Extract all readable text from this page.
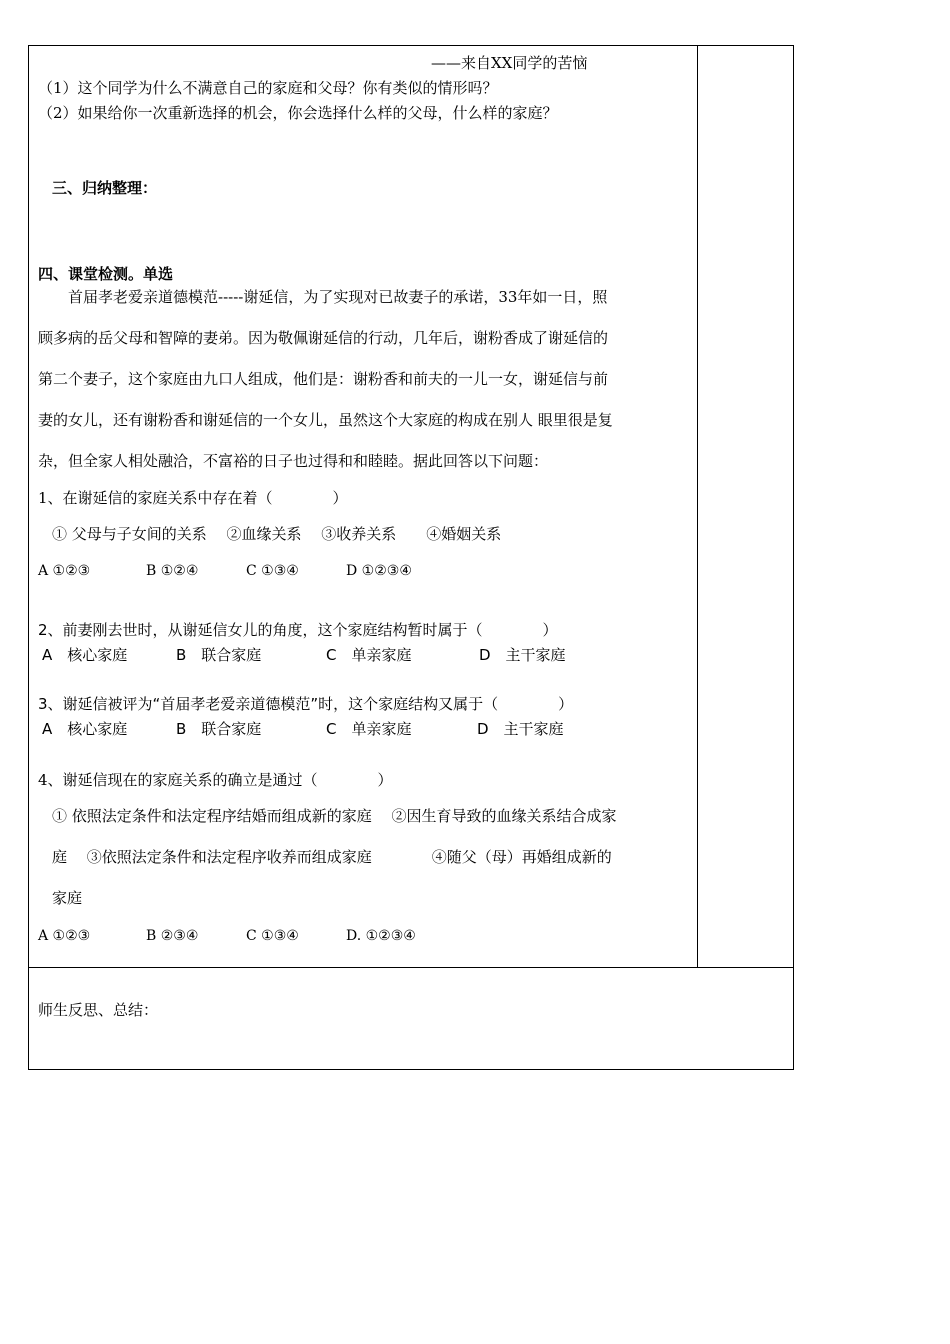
——来自XX同学的苦恼
（1）这个同学为什么不满意自己的家庭和父母？你有类似的情形吗？
（2）如果给你一次重新选择的机会，你会选择什么样的父母，什么样的家庭？
三、归纳整理：
四、课堂检测。单选
首届孝老爱亲道德模范-----谢延信，为了实现对已故妻子的承诺，33年如一日，照
顾多病的岳父母和智障的妻弟。因为敬佩谢延信的行动，几年后，谢粉香成了谢延信的
第二个妻子，这个家庭由九口人组成，他们是：谢粉香和前夫的一儿一女，谢延信与前
妻的女儿，还有谢粉香和谢延信的一个女儿，虽然这个大家庭的构成在别人 眼里很是复
杂，但全家人相处融洽，不富裕的日子也过得和和睦睦。据此回答以下问题：
1、在谢延信的家庭关系中存在着（　　　　）
① 父母与子女间的关系　 ②血缘关系　 ③收养关系　　④婚姻关系
A ①②③	B ①②④	C ①③④	D ①②③④
2、前妻刚去世时，从谢延信女儿的角度，这个家庭结构暂时属于（　　　　）
A　核心家庭	B　联合家庭	C　单亲家庭	D　主干家庭
3、谢延信被评为“首届孝老爱亲道德模范”时，这个家庭结构又属于（　　　　）
A　核心家庭	B　联合家庭	C　单亲家庭	D　主干家庭
4、谢延信现在的家庭关系的确立是通过（　　　　）
① 依照法定条件和法定程序结婚而组成新的家庭　 ②因生育导致的血缘关系结合成家
庭　 ③依照法定条件和法定程序收养而组成家庭　　　　④随父（母）再婚组成新的
家庭
A ①②③	B ②③④	C ①③④	D. ①②③④
师生反思、总结：
